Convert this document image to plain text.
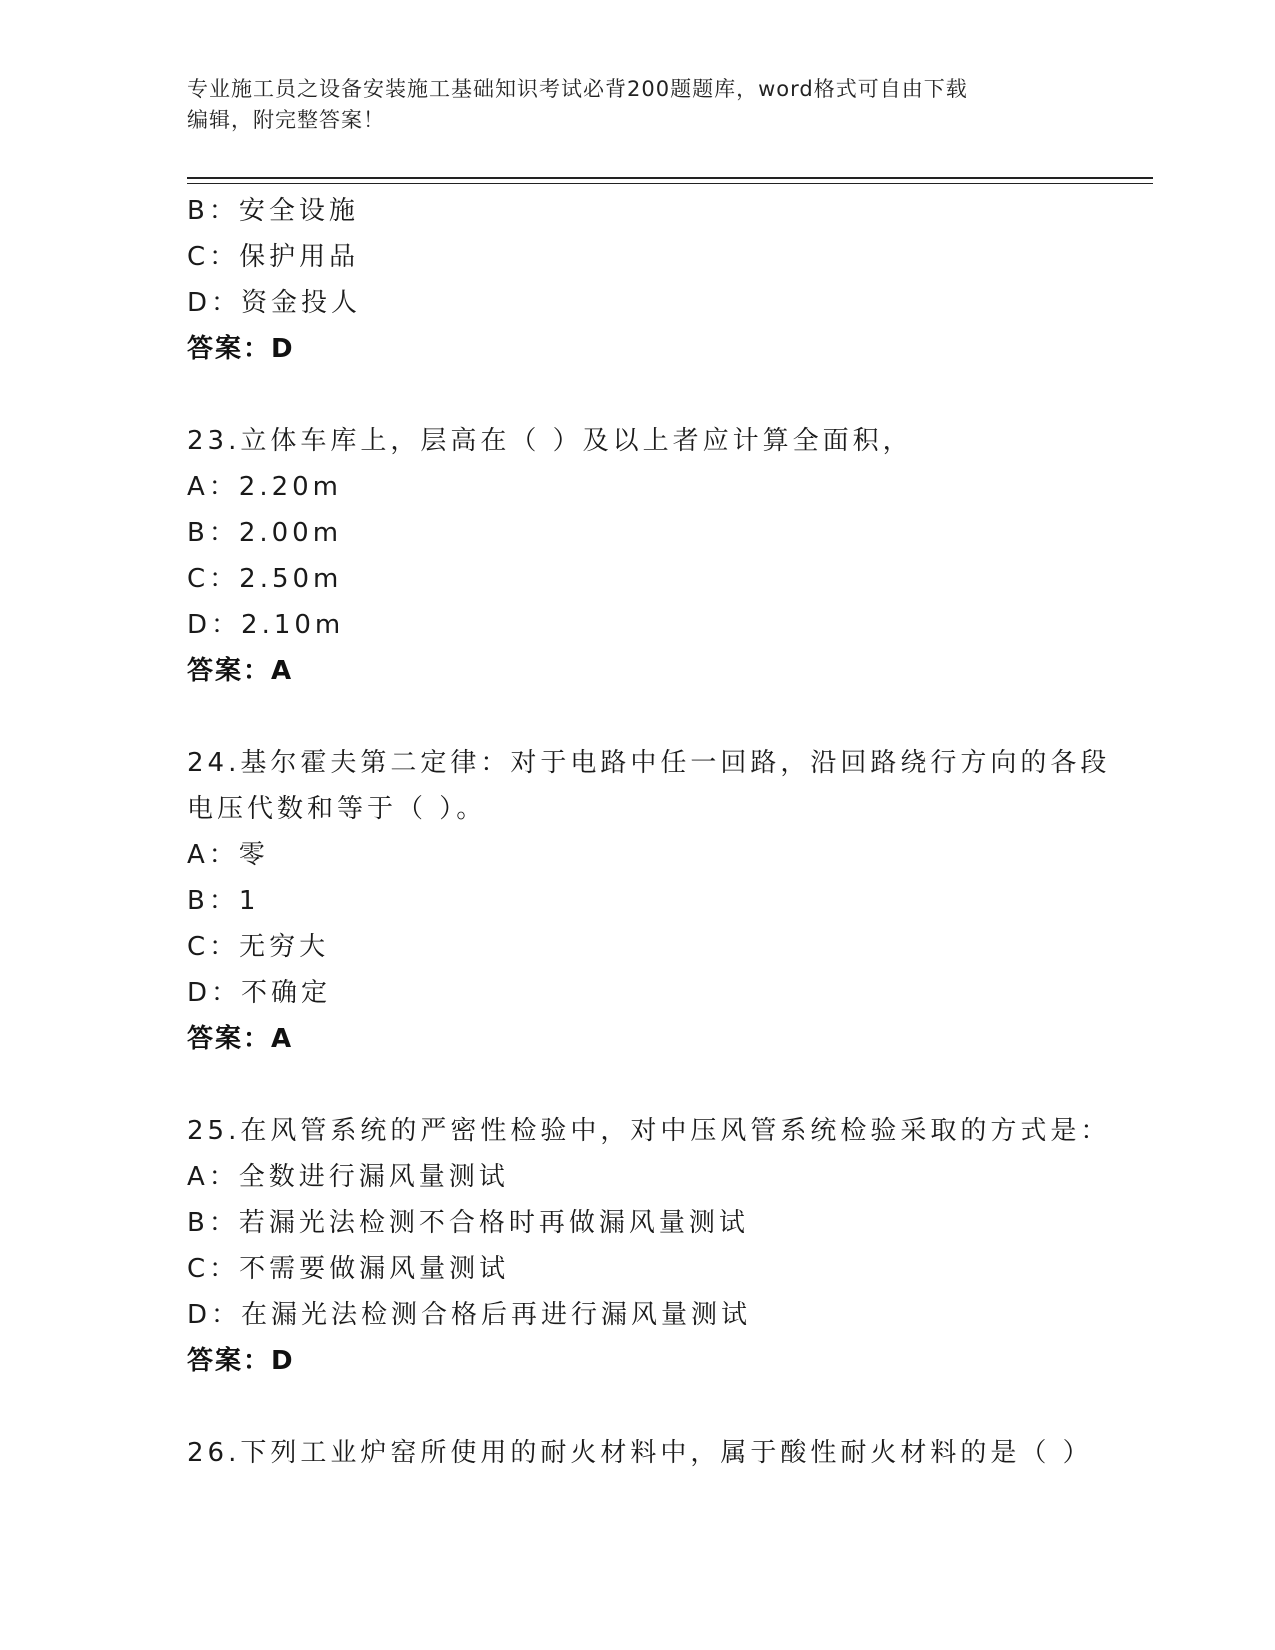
专业施工员之设备安装施工基础知识考试必背200题题库，word格式可自由下载
编辑，附完整答案！
B：安全设施
C：保护用品
D：资金投人
答案：D
23.立体车库上，层高在（ ）及以上者应计算全面积，
A：2.20m
B：2.00m
C：2.50m
D：2.10m
答案：A
24.基尔霍夫第二定律：对于电路中任一回路，沿回路绕行方向的各段
电压代数和等于（ ）。
A：零
B：1
C：无穷大
D：不确定
答案：A
25.在风管系统的严密性检验中，对中压风管系统检验采取的方式是：
A：全数进行漏风量测试
B：若漏光法检测不合格时再做漏风量测试
C：不需要做漏风量测试
D：在漏光法检测合格后再进行漏风量测试
答案：D
26.下列工业炉窑所使用的耐火材料中，属于酸性耐火材料的是（ ）
